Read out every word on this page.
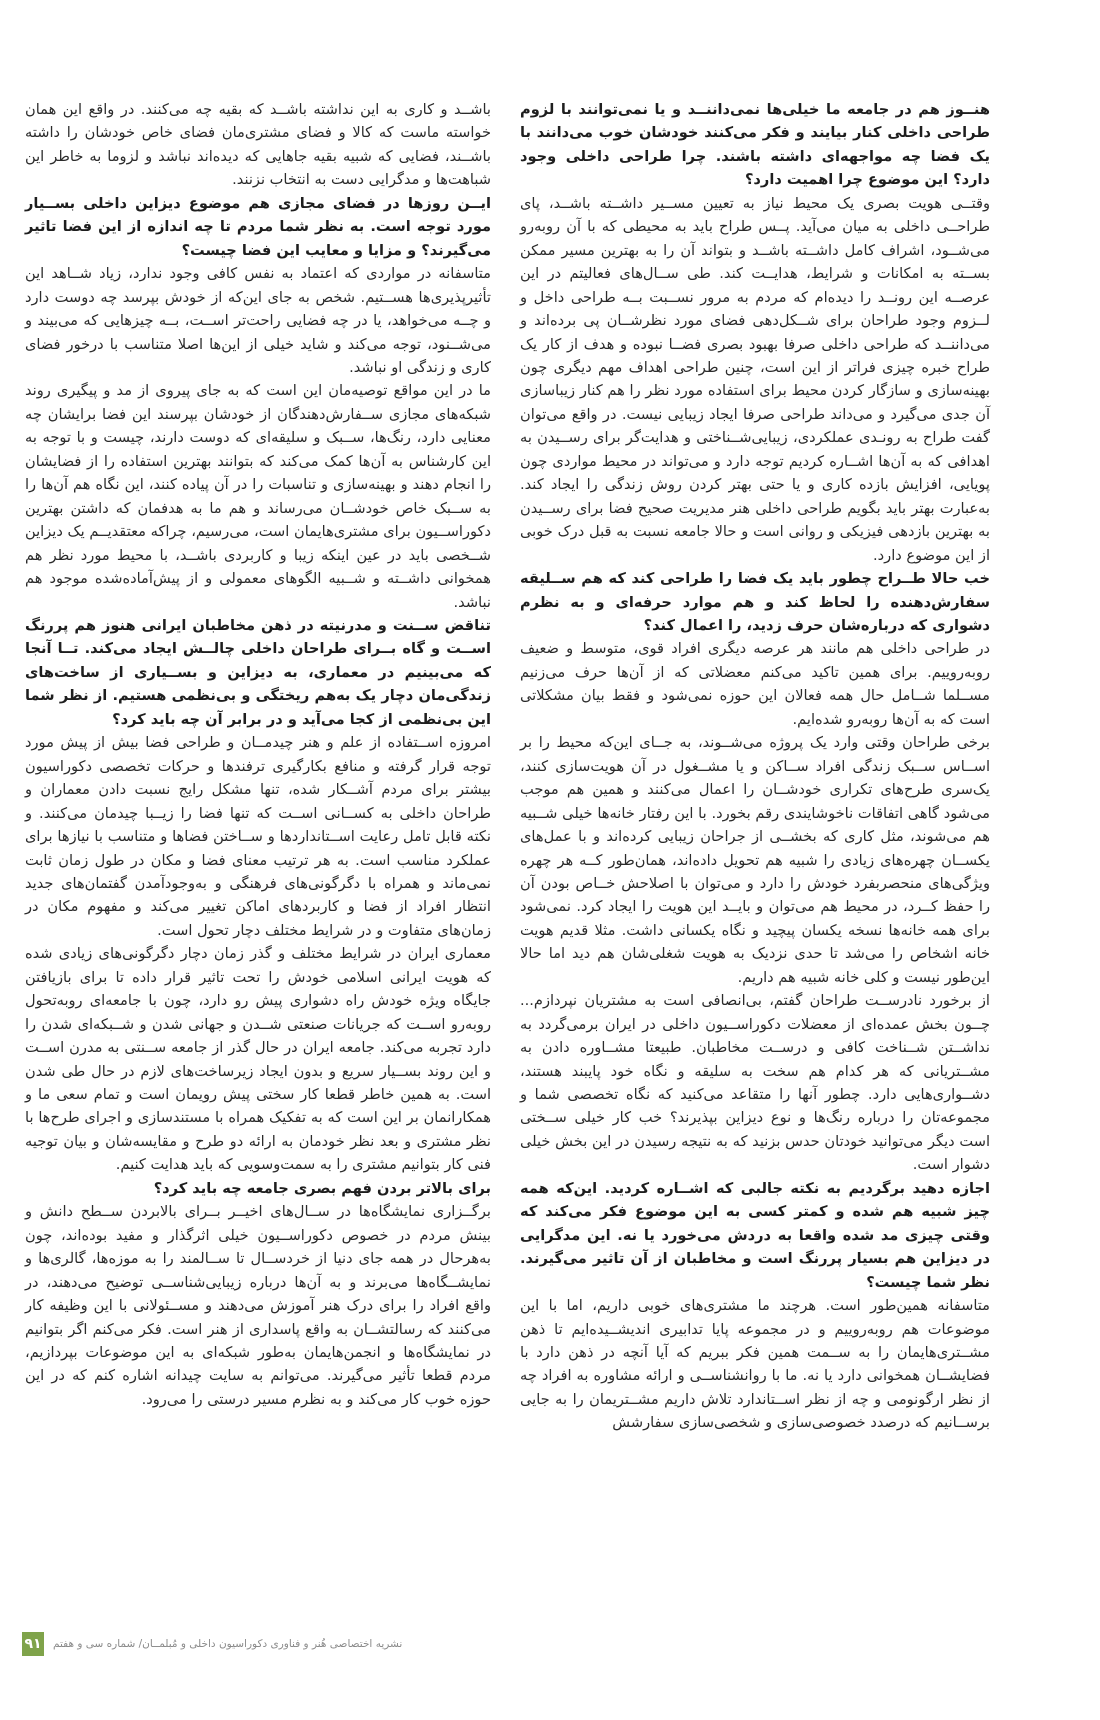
هنــوز هم در جامعه ما خیلی‌ها نمی‌داننــد و یا نمی‌توانند با لزوم طراحی داخلی کنار بیایند و فکر می‌کنند خودشان خوب می‌دانند با یک فضا چه مواجهه‌ای داشته باشند. چرا طراحی داخلی وجود دارد؟ این موضوع چرا اهمیت دارد؟

وقتــی هویت بصری یک محیط نیاز به تعیین مســیر داشــته باشــد، پای طراحــی داخلی به میان می‌آید. پــس طراح باید به محیطی که با آن روبه‌رو می‌شــود، اشراف کامل داشــته باشــد و بتواند آن را به بهترین مسیر ممکن بســته به امکانات و شرایط، هدایــت کند. طی ســال‌های فعالیتم در این عرصــه این رونــد را دیده‌ام که مردم به مرور نســبت بــه طراحی داخل و لــزوم وجود طراحان برای شــکل‌دهی فضای مورد نظرشــان پی برده‌اند و می‌داننــد که طراحی داخلی صرفا بهبود بصری فضــا نبوده و هدف از کار یک طراح خبره چیزی فراتر از این است، چنین طراحی اهداف مهم دیگری چون بهینه‌سازی و سازگار کردن محیط برای استفاده مورد نظر را هم کنار زیباسازی آن جدی می‌گیرد و می‌داند طراحی صرفا ایجاد زیبایی نیست. در واقع می‌توان گفت طراح به رونـدی عملکردی، زیبایی‌شــناختی و هدایت‌گر برای رســیدن به اهدافی که به آن‌ها اشــاره کردیم توجه دارد و می‌تواند در محیط مواردی چون پویایی، افزایش بازده کاری و یا حتی بهتر کردن روش زندگی را ایجاد کند. به‌عبارت بهتر باید بگویم طراحی داخلی هنر مدیریت صحیح فضا برای رســیدن به بهترین بازدهی فیزیکی و روانی است و حالا جامعه نسبت به قبل درک خوبی از این موضوع دارد.

خب حالا طــراح چطور باید یک فضا را طراحی کند که هم ســلیقه سفارش‌دهنده را لحاظ کند و هم موارد حرفه‌ای و به نظرم دشواری که درباره‌شان حرف زدید، را اعمال کند؟

در طراحی داخلی هم مانند هر عرصه دیگری افراد قوی، متوسط و ضعیف روبه‌روییم. برای همین تاکید می‌کنم معضلاتی که از آن‌ها حرف می‌زنیم مســلما شــامل حال همه فعالان این حوزه نمی‌شود و فقط بیان مشکلاتی است که به آن‌ها روبه‌رو شده‌ایم.

برخی طراحان وقتی وارد یک پروژه می‌شــوند، به جــای این‌که محیط را بر اســاس ســبک زندگی افراد ســاکن و یا مشــغول در آن هویت‌سازی کنند، یک‌سری طرح‌های تکراری خودشــان را اعمال می‌کنند و همین هم موجب می‌شود گاهی اتفاقات ناخوشایندی رقم بخورد. با این رفتار خانه‌ها خیلی شــبیه هم می‌شوند، مثل کاری که بخشــی از جراحان زیبایی کرده‌اند و با عمل‌های یکســان چهره‌های زیادی را شبیه هم تحویل داده‌اند، همان‌طور کــه هر چهره ویژگی‌های منحصربفرد خودش را دارد و می‌توان با اصلاحش خــاص بودن آن را حفظ کــرد، در محیط هم می‌توان و بایــد این هویت را ایجاد کرد. نمی‌شود برای همه خانه‌ها نسخه یکسان پیچید و نگاه یکسانی داشت. مثلا قدیم هویت خانه اشخاص را می‌شد تا حدی نزدیک به هویت شغلی‌شان هم دید اما حالا این‌طور نیست و کلی خانه شبیه هم داریم.

از برخورد نادرســت طراحان گفتم، بی‌انصافی است به مشتریان نپردازم... چــون بخش عمده‌ای از معضلات دکوراســیون داخلی در ایران برمی‌گردد به نداشــتن شــناخت کافی و درســت مخاطبان. طبیعتا مشــاوره دادن به مشــتریانی که هر کدام هم سخت به سلیقه و نگاه خود پایبند هستند، دشــواری‌هایی دارد. چطور آنها را متقاعد می‌کنید که نگاه تخصصی شما و مجموعه‌تان را درباره رنگ‌ها و نوع دیزاین بپذیرند؟ خب کار خیلی ســختی است دیگر می‌توانید خودتان حدس بزنید که به نتیجه رسیدن در این بخش خیلی دشوار است.

اجازه دهید برگردیم به نکته جالبی که اشــاره کردید. این‌که همه چیز شبیه هم شده و کمتر کسی به این موضوع فکر می‌کند که وقتی چیزی مد شده واقعا به دردش می‌خورد یا نه. این مدگرایی در دیزاین هم بسیار پررنگ است و مخاطبان از آن تاثیر می‌گیرند. نظر شما چیست؟

متاسفانه همین‌طور است. هرچند ما مشتری‌های خوبی داریم، اما با این موضوعات هم روبه‌روییم و در مجموعه پایا تدابیری اندیشــیده‌ایم تا ذهن مشــتری‌هایمان را به ســمت همین فکر ببریم که آیا آنچه در ذهن دارد با فضایشــان همخوانی دارد یا نه. ما با روانشناســی و ارائه مشاوره به افراد چه از نظر ارگونومی و چه از نظر اســتاندارد تلاش داریم مشــتریمان را به جایی برســانیم که درصدد خصوصی‌سازی و شخصی‌سازی سفارشش

باشــد و کاری به این نداشته باشــد که بقیه چه می‌کنند. در واقع این همان خواسته ماست که کالا و فضای مشتری‌مان فضای خاص خودشان را داشته باشــند، فضایی که شبیه بقیه جاهایی که دیده‌اند نباشد و لزوما به خاطر این شباهت‌ها و مدگرایی دست به انتخاب نزنند.

ایــن روزها در فضای مجازی هم موضوع دیزاین داخلی بســیار مورد توجه است. به نظر شما مردم تا چه اندازه از این فضا تاثیر می‌گیرند؟ و مزایا و معایب این فضا چیست؟

متاسفانه در مواردی که اعتماد به نفس کافی وجود ندارد، زیاد شــاهد این تأثیرپذیری‌ها هســتیم. شخص به جای این‌که از خودش بپرسد چه دوست دارد و چــه می‌خواهد، یا در چه فضایی راحت‌تر اســت، بــه چیزهایی که می‌بیند و می‌شــنود، توجه می‌کند و شاید خیلی از این‌ها اصلا متناسب با درخور فضای کاری و زندگی او نباشد.

ما در این مواقع توصیه‌مان این است که به جای پیروی از مد و پیگیری روند شبکه‌های مجازی ســفارش‌دهندگان از خودشان بپرسند این فضا برایشان چه معنایی دارد، رنگ‌ها، ســبک و سلیقه‌ای که دوست دارند، چیست و با توجه به این کارشناس به آن‌ها کمک می‌کند که بتوانند بهترین استفاده را از فضایشان را انجام دهند و بهینه‌سازی و تناسبات را در آن پیاده کنند، این نگاه هم آن‌ها را به ســبک خاص خودشــان می‌رساند و هم ما به هدفمان که داشتن بهترین دکوراســیون برای مشتری‌هایمان است، می‌رسیم، چراکه معتقدیــم یک دیزاین شــخصی باید در عین اینکه زیبا و کاربردی باشــد، با محیط مورد نظر هم همخوانی داشــته و شــبیه الگوهای معمولی و از پیش‌آماده‌شده موجود هم نباشد.

تناقض ســنت و مدرنیته در ذهن مخاطبان ایرانی هنوز هم پررنگ اســت و گاه بــرای طراحان داخلی چالــش ایجاد می‌کند. تــا آنجا که می‌بینیم در معماری، به دیزاین و بســیاری از ساخت‌های زندگی‌مان دچار یک به‌هم ریختگی و بی‌نظمی هستیم. از نظر شما این بی‌نظمی از کجا می‌آید و در برابر آن چه باید کرد؟

امروزه اســتفاده از علم و هنر چیدمــان و طراحی فضا بیش از پیش مورد توجه قرار گرفته و منافع بکارگیری ترفندها و حرکات تخصصی دکوراسیون بیشتر برای مردم آشــکار شده، تنها مشکل رایج نسبت دادن معماران و طراحان داخلی به کســانی اســت که تنها فضا را زیــبا چیدمان می‌کنند. و نکته قابل تامل رعایت اســتانداردها و ســاختن فضاها و متناسب با نیازها برای عملکرد مناسب است. به هر ترتیب معنای فضا و مکان در طول زمان ثابت نمی‌ماند و همراه با دگرگونی‌های فرهنگی و به‌وجودآمدن گفتمان‌های جدید انتظار افراد از فضا و کاربردهای اماکن تغییر می‌کند و مفهوم مکان در زمان‌های متفاوت و در شرایط مختلف دچار تحول است.

معماری ایران در شرایط مختلف و گذر زمان دچار دگرگونی‌های زیادی شده که هویت ایرانی اسلامی خودش را تحت تاثیر قرار داده تا برای بازیافتن جایگاه ویژه خودش راه دشواری پیش رو دارد، چون با جامعه‌ای روبه‌تحول روبه‌رو اســت که جریانات صنعتی شــدن و جهانی شدن و شــبکه‌ای شدن را دارد تجربه می‌کند. جامعه ایران در حال گذر از جامعه ســنتی به مدرن اســت و این روند بســیار سریع و بدون ایجاد زیرساخت‌های لازم در حال طی شدن است. به همین خاطر قطعا کار سختی پیش رویمان است و تمام سعی ما و همکارانمان بر این است که به تفکیک همراه با مستندسازی و اجرای طرح‌ها با نظر مشتری و بعد نظر خودمان به ارائه دو طرح و مقایسه‌شان و بیان توجیه فنی کار بتوانیم مشتری را به سمت‌وسویی که باید هدایت کنیم.

برای بالاتر بردن فهم بصری جامعه چه باید کرد؟

برگــزاری نمایشگاه‌ها در ســال‌های اخیــر بــرای بالابردن ســطح دانش و بینش مردم در خصوص دکوراســیون خیلی اثرگذار و مفید بوده‌اند، چون به‌هرحال در همه جای دنیا از خردســال تا ســالمند را به موزه‌ها، گالری‌ها و نمایشــگاه‌ها می‌برند و به آن‌ها درباره زیبایی‌شناســی توضیح می‌دهند، در واقع افراد را برای درک هنر آموزش می‌دهند و مســئولانی با این وظیفه کار می‌کنند که رسالتشــان به واقع پاسداری از هنر است. فکر می‌کنم اگر بتوانیم در نمایشگاه‌ها و انجمن‌هایمان به‌طور شبکه‌ای به این موضوعات بپردازیم، مردم قطعا تأثیر می‌گیرند. می‌توانم به سایت چیدانه اشاره کنم که در این حوزه خوب کار می‌کند و به نظرم مسیر درستی را می‌رود.

۹۱ نشریه اختصاصی هُنر و فناوری دکوراسیون داخلی و مُبلمــان/ شماره سی و هفتم
